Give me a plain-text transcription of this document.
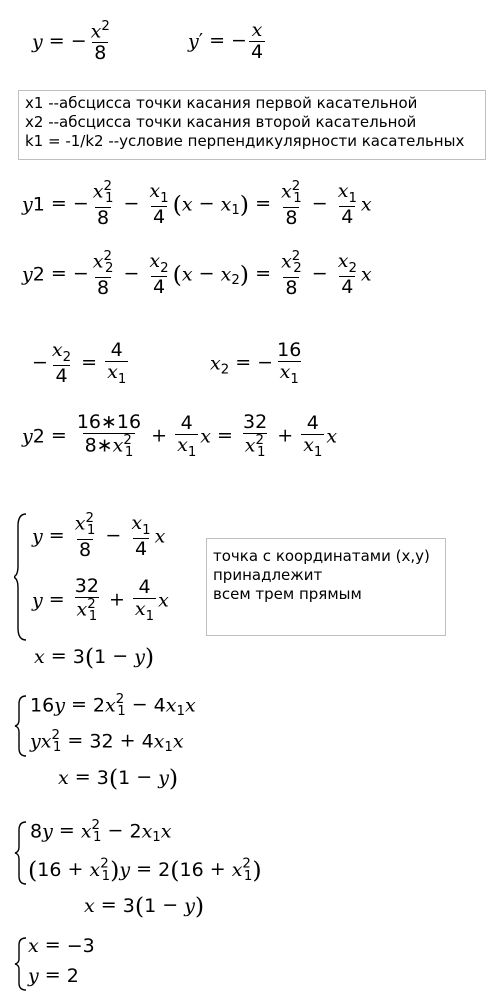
y = − $\frac{x^2}{8}$	y′ = − $\frac{x}{4}$
x1 --абсцисса точки касания первой касательной
x2 --абсцисса точки касания второй касательной
k1 = -1/k2 --условие перпендикулярности касательных
y1 = − $\frac{x^2_1}{8} - \frac{x_1}{4} (x - x_1) = \frac{x^2_1}{8} - \frac{x_1}{4}$ x
y2 = − $\frac{x^2_2}{8} - \frac{x_2}{4} (x - x_2) = \frac{x^2_2}{8} - \frac{x_2}{4}$ x
− $\frac{x_2}{4} = \frac{4}{x_1}$	$x_2$ = − $\frac{16}{x_1}$
$y2 = \frac{16∗16}{8∗x^2_1} + \frac{4}{x_1}$ $x = \frac{32}{x^2_1} + \frac{4}{x_1}$ x
$y = \frac{x^2_1}{8} - \frac{x_1}{4}$ x
$y = \frac{32}{x^2_1} + \frac{4}{x_1}$ x
x = 3(1 − y)
точка с координатами (x,y)
принадлежит
всем трем прямым
$16y = 2x^2_1 - 4x_1x$
$yx^2_1 = 32 + 4x_1x$
x = 3(1 − y)
$8y = x^2_1 - 2x_1x$
$(16 + x^2_1)y = 2(16 + x^2_1)$
x = 3(1 − y)
x = −3
y = 2
